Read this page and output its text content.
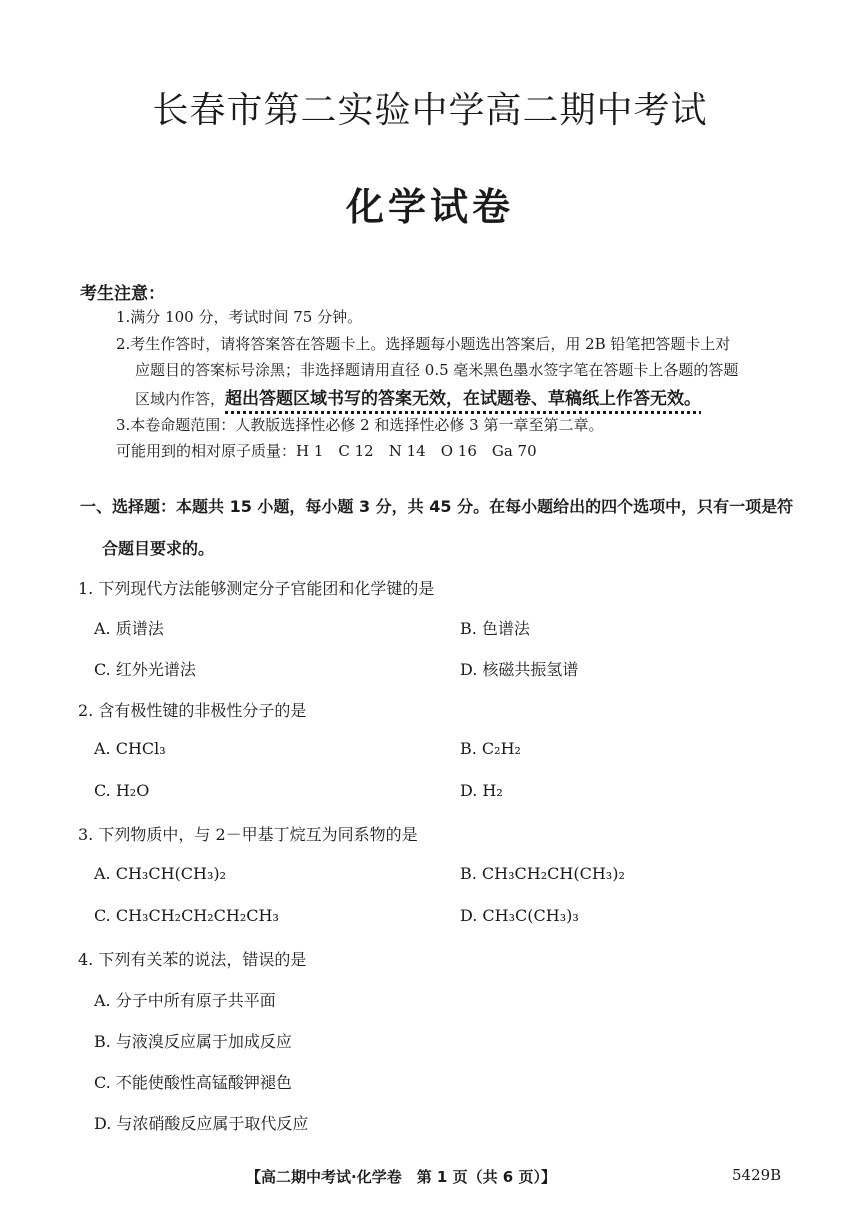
长春市第二实验中学高二期中考试
化学试卷
考生注意：
1.满分 100 分，考试时间 75 分钟。
2.考生作答时，请将答案答在答题卡上。选择题每小题选出答案后，用 2B 铅笔把答题卡上对
应题目的答案标号涂黑；非选择题请用直径 0.5 毫米黑色墨水签字笔在答题卡上各题的答题
区域内作答，超出答题区域书写的答案无效，在试题卷、草稿纸上作答无效。
3.本卷命题范围：人教版选择性必修 2 和选择性必修 3 第一章至第二章。
可能用到的相对原子质量：H 1　C 12　N 14　O 16　Ga 70
一、选择题：本题共 15 小题，每小题 3 分，共 45 分。在每小题给出的四个选项中，只有一项是符
合题目要求的。
1. 下列现代方法能够测定分子官能团和化学键的是
A. 质谱法	B. 色谱法
C. 红外光谱法	D. 核磁共振氢谱
2. 含有极性键的非极性分子的是
A. CHCl₃	B. C₂H₂
C. H₂O	D. H₂
3. 下列物质中，与 2－甲基丁烷互为同系物的是
A. CH₃CH(CH₃)₂	B. CH₃CH₂CH(CH₃)₂
C. CH₃CH₂CH₂CH₂CH₃	D. CH₃C(CH₃)₃
4. 下列有关苯的说法，错误的是
A. 分子中所有原子共平面
B. 与液溴反应属于加成反应
C. 不能使酸性高锰酸钾褪色
D. 与浓硝酸反应属于取代反应
【高二期中考试·化学卷　第 1 页（共 6 页）】	5429B
